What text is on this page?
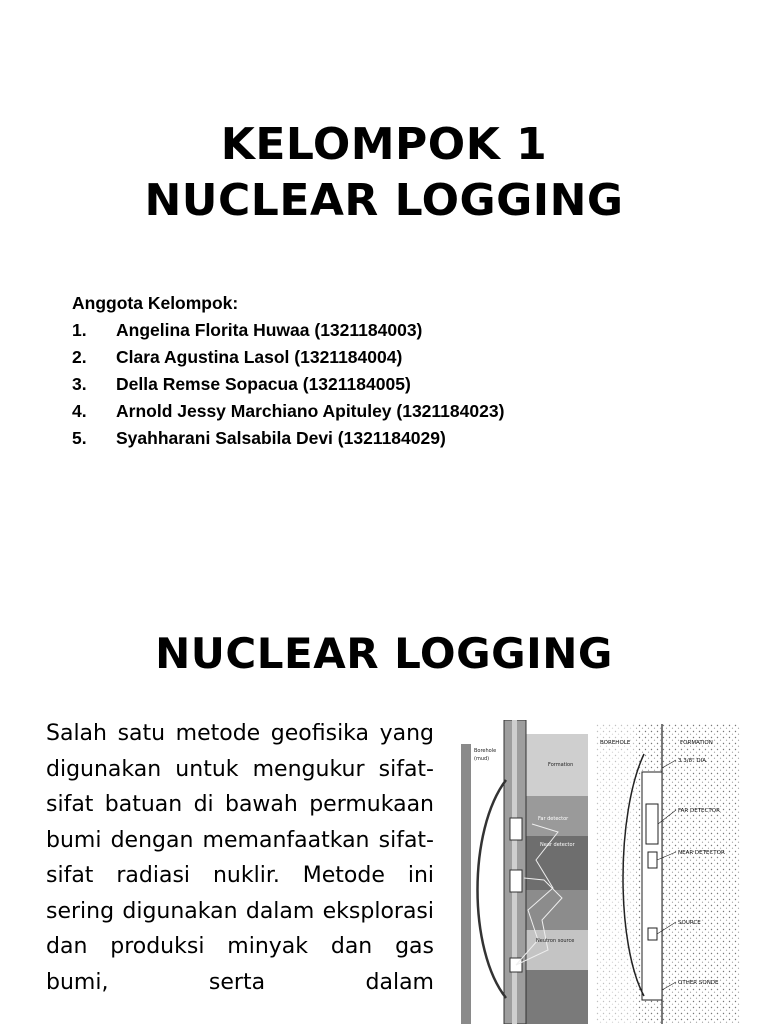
KELOMPOK 1
NUCLEAR LOGGING
Anggota Kelompok:
1.	Angelina Florita Huwaa (1321184003)
2.	Clara Agustina Lasol (1321184004)
3.	Della Remse Sopacua (1321184005)
4.	Arnold Jessy Marchiano Apituley (1321184023)
5.	Syahharani Salsabila Devi (1321184029)
NUCLEAR LOGGING

Salah satu metode geofisika yang digunakan untuk mengukur sifat-sifat batuan di bawah permukaan bumi dengan memanfaatkan sifat-sifat radiasi nuklir. Metode ini sering digunakan dalam eksplorasi dan produksi minyak dan gas bumi, serta dalam

Borehole
(mud)
Formation
Far detector
Near detector
Neutron source
BOREHOLE	FORMATION
3 3/8" DIA.
FAR DETECTOR
NEAR DETECTOR
SOURCE
OTHER SONDE
